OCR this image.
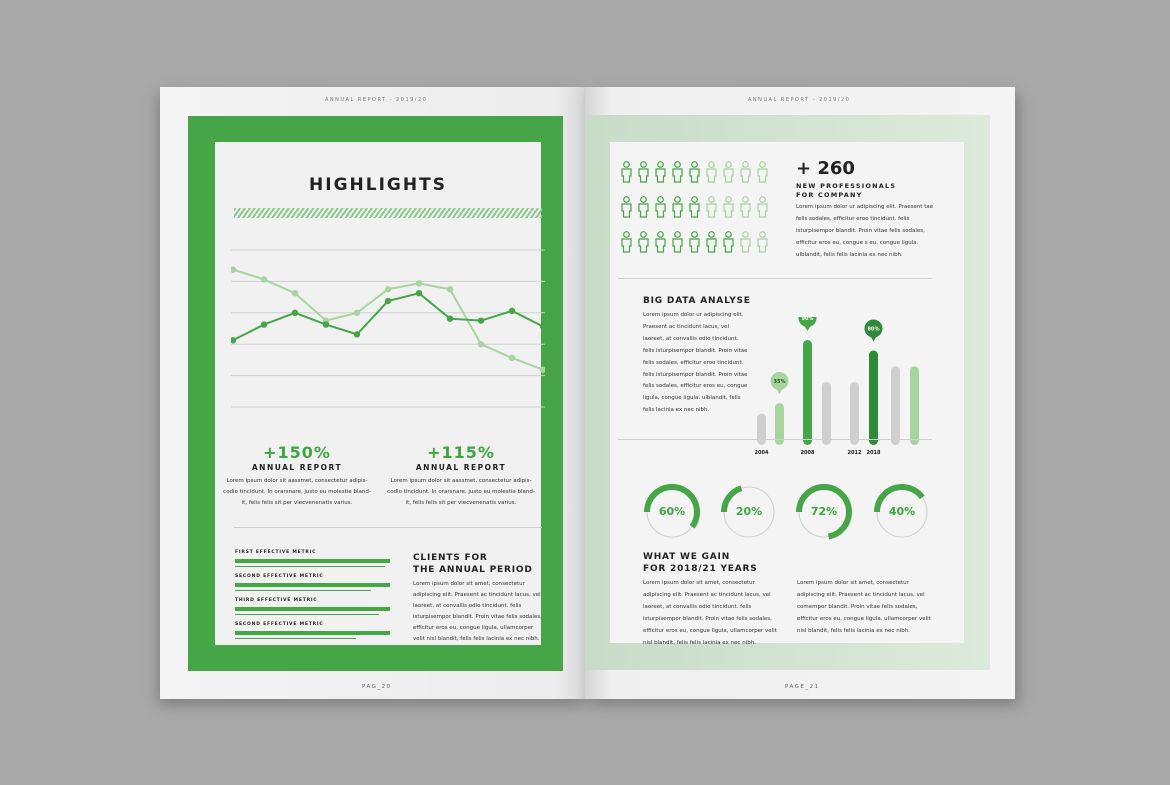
ANNUAL REPORT - 2019/20
HIGHLIGHTS
+150%
ANNUAL REPORT
Lorem ipsum dolor sit aassmet, consectetur adipis-codio tincidunt. In orarsnare, justo eu molestie bland-it, felis felis sit per viecvenenatis varius.
+115%
ANNUAL REPORT
Lorem ipsum dolor sit aassmet, consectetur adipis-codio tincidunt. In orarsnare, justo eu molestie bland-it, felis felis sit per viecvenenatis varius.
FIRST EFFECTIVE METRIC
SECOND EFFECTIVE METRIC
THIRD EFFECTIVE METRIC
SECOND EFFECTIVE METRIC
CLIENTS FOR
THE ANNUAL PERIOD
Lorem ipsum dolor sit amet, consectetur adipiscing elit. Praesent ac tincidunt lacus, vel laoreet, at convallis odio tincidunt. felis isturpisempor blandit. Proin vitae felis sodales, efficitur eros eu, congue ligula, ullamcorper velit nisl blandit, felis felis lacinia ex nec nibh.
PAG_20
ANNUAL REPORT - 2019/20
+ 260
NEW PROFESSIONALS
FOR COMPANY
Lorem ipsum dolor ur adipiscing elit. Praesent tae felis sodales, efficitur eroo tincidunt. felis isturpisempor blandit. Proin vitae felis sodales, efficitur eros eu, congue s eu, congue ligula. ulblandit, felis felis lacinia ex nec nibh.
BIG DATA ANALYSE
Lorem ipsum dolor ur adipiscing elit. Praesent ac tincidunt lacus, vel laoreet, at convallis odio tincidunt. felis isturpisempor blandit. Proin vitae felis sodales, efficitur eroo tincidunt. felis isturpisempor blandit. Proin vitae felis sodales, efficitur eros eu, congue ligula, congue ligula. ulblandit, felis felis lacinia ex nec nibh.
2004	2008	2012 2018
35%
90%
80%
60%	20%	72%	40%
WHAT WE GAIN
FOR 2018/21 YEARS
Lorem ipsum dolor sit amet, consectetur adipiscing elit. Praesent ac tincidunt lacus, vel laoreet, at convallis odio tincidunt. felis isturpisempor blandit. Proin vitae felis sodales, efficitur eros eu, congue ligula, ullamcorper velit nisl blandit, felis felis lacinia ex nec nibh.
Lorem ipsum dolor sit amet, consectetur adipiscing elit. Praesent ac tincidunt lacus, vel comempor blandit. Proin vitae felis sodales, efficitur eros eu, congue ligula, ullamcorper velit nisl blandit, felis felis lacinia ex nec nibh.
PAGE_21
